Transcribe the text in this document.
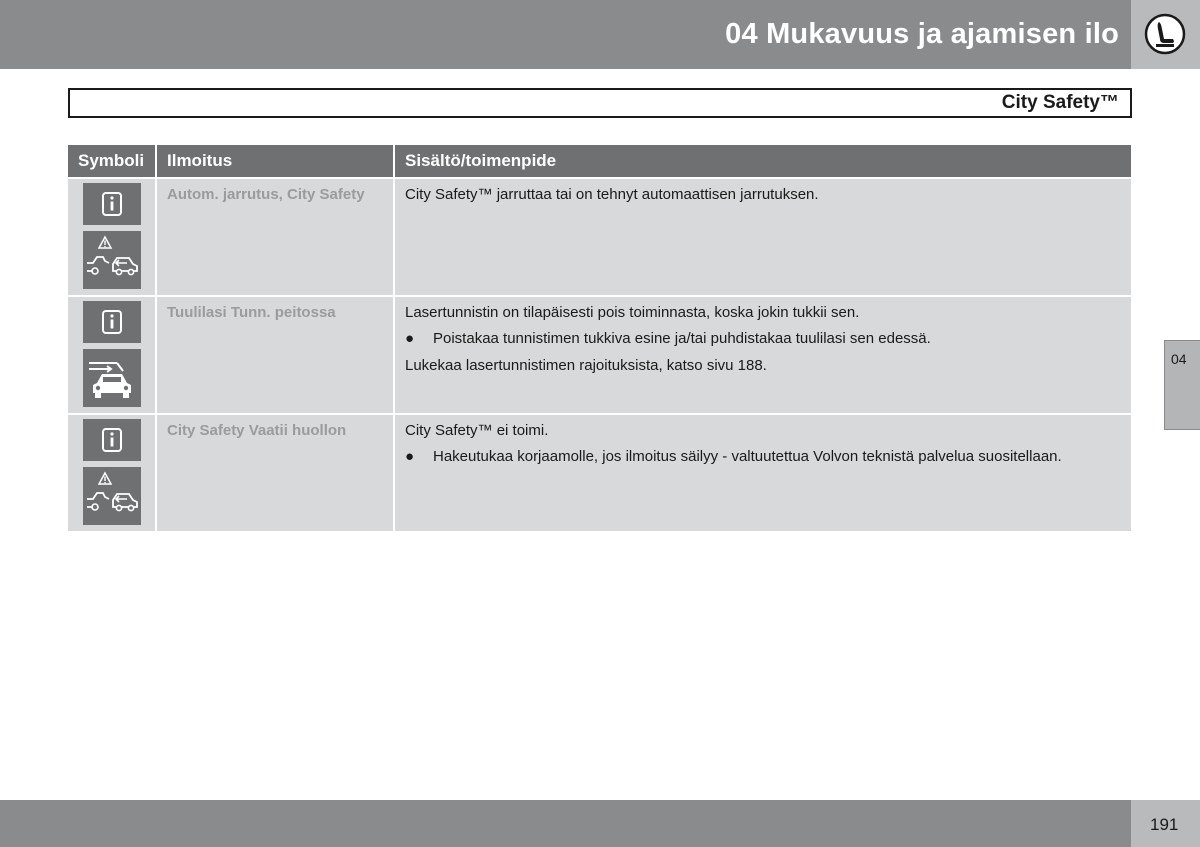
04 Mukavuus ja ajamisen ilo
City Safety™
04
Symboli	Ilmoitus	Sisältö/toimenpide

	Autom. jarrutus, City Safety	City Safety™ jarruttaa tai on tehnyt automaattisen jarrutuksen.

	Tuulilasi Tunn. peitossa	Lasertunnistin on tilapäisesti pois toiminnasta, koska jokin tukkii sen.

● Poistakaa tunnistimen tukkiva esine ja/tai puhdistakaa tuulilasi sen edessä.

Lukekaa lasertunnistimen rajoituksista, katso sivu 188.

	City Safety Vaatii huollon	City Safety™ ei toimi.

● Hakeutukaa korjaamolle, jos ilmoitus säilyy - valtuutettua Volvon teknistä palvelua suositellaan.
191
